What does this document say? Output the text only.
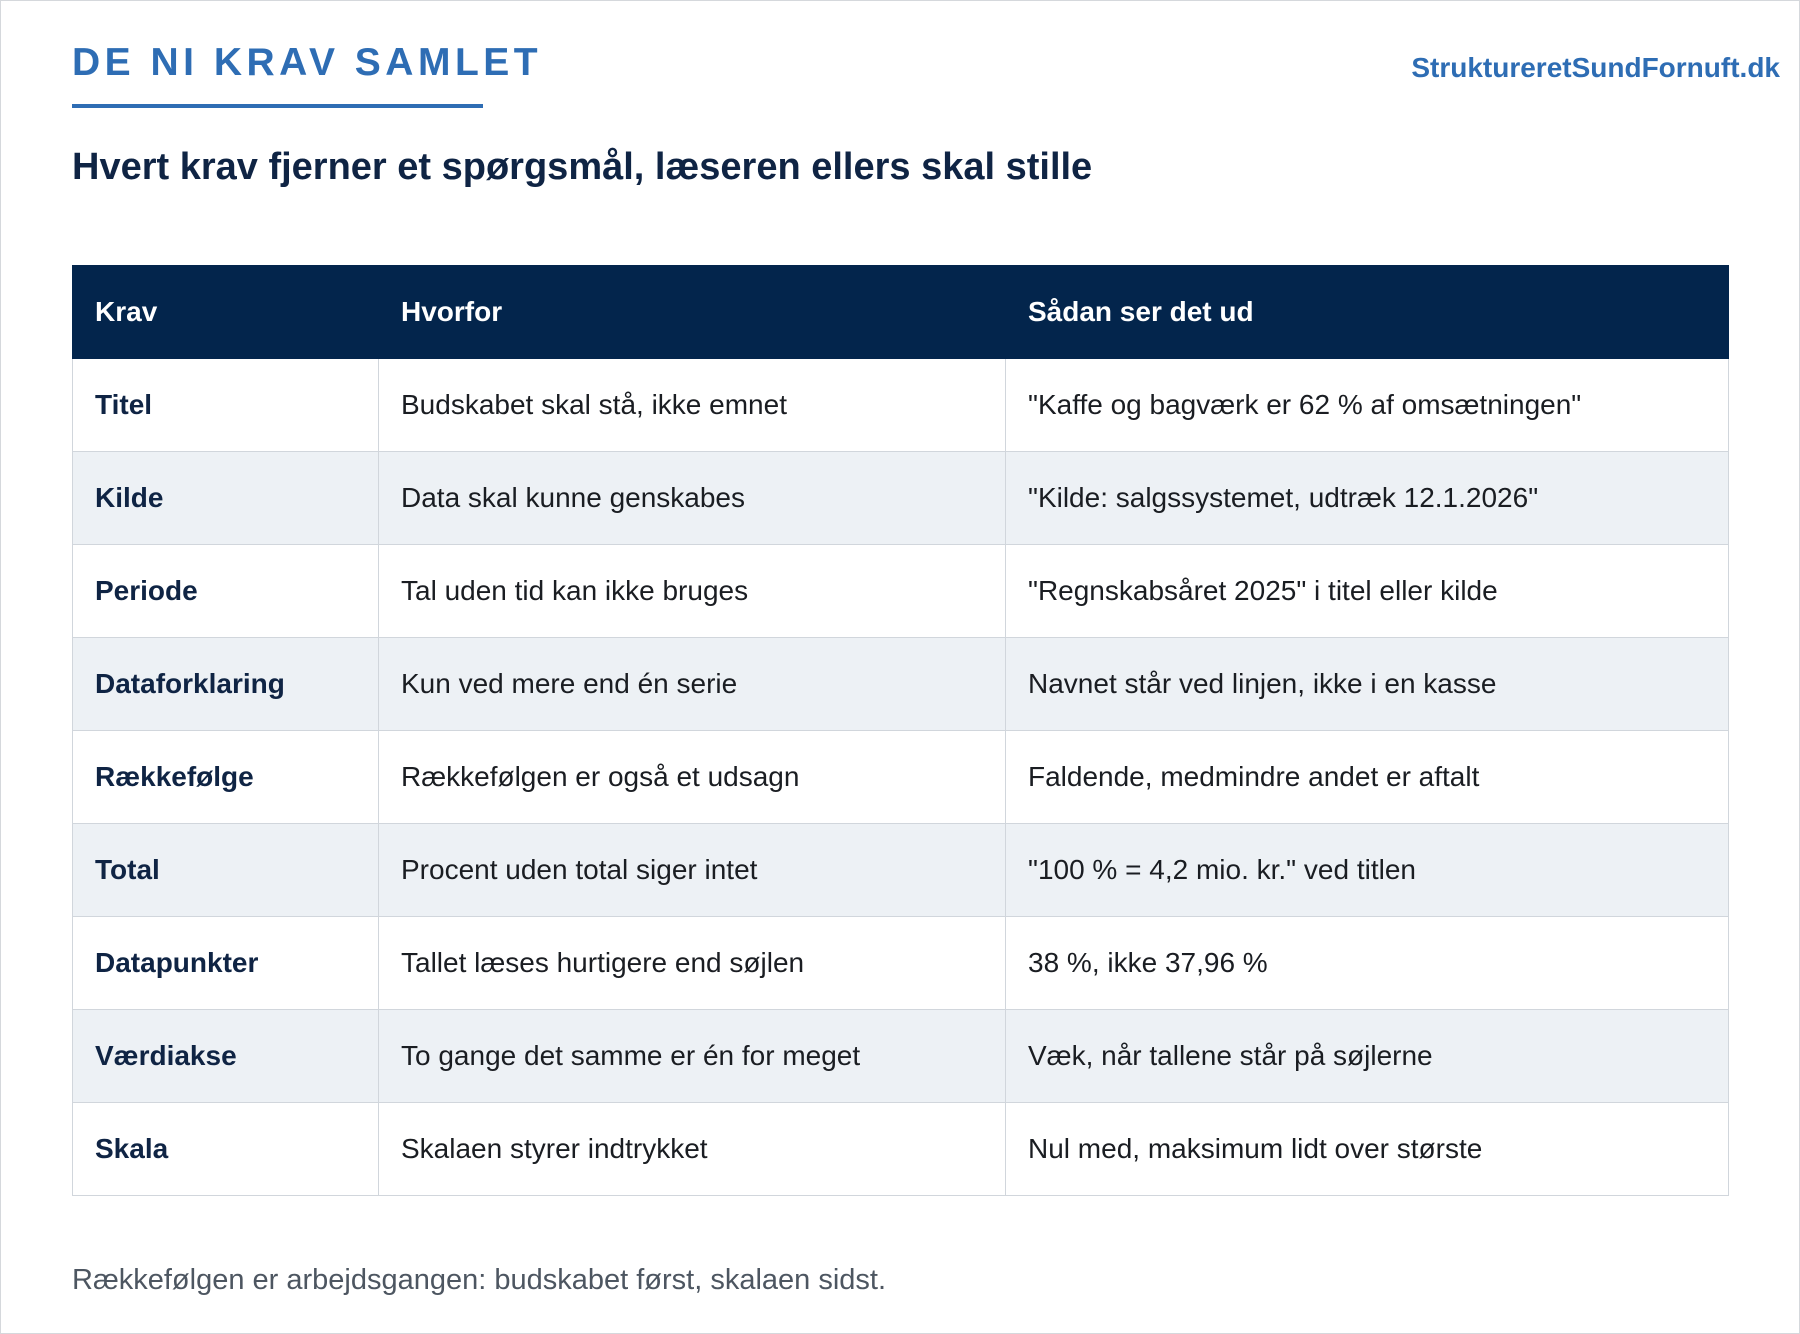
DE NI KRAV SAMLET	StruktureretSundFornuft.dk
Hvert krav fjerner et spørgsmål, læseren ellers skal stille
Krav	Hvorfor	Sådan ser det ud
Titel	Budskabet skal stå, ikke emnet	"Kaffe og bagværk er 62 % af omsætningen"
Kilde	Data skal kunne genskabes	"Kilde: salgssystemet, udtræk 12.1.2026"
Periode	Tal uden tid kan ikke bruges	"Regnskabsåret 2025" i titel eller kilde
Dataforklaring	Kun ved mere end én serie	Navnet står ved linjen, ikke i en kasse
Rækkefølge	Rækkefølgen er også et udsagn	Faldende, medmindre andet er aftalt
Total	Procent uden total siger intet	"100 % = 4,2 mio. kr." ved titlen
Datapunkter	Tallet læses hurtigere end søjlen	38 %, ikke 37,96 %
Værdiakse	To gange det samme er én for meget	Væk, når tallene står på søjlerne
Skala	Skalaen styrer indtrykket	Nul med, maksimum lidt over største
Rækkefølgen er arbejdsgangen: budskabet først, skalaen sidst.
